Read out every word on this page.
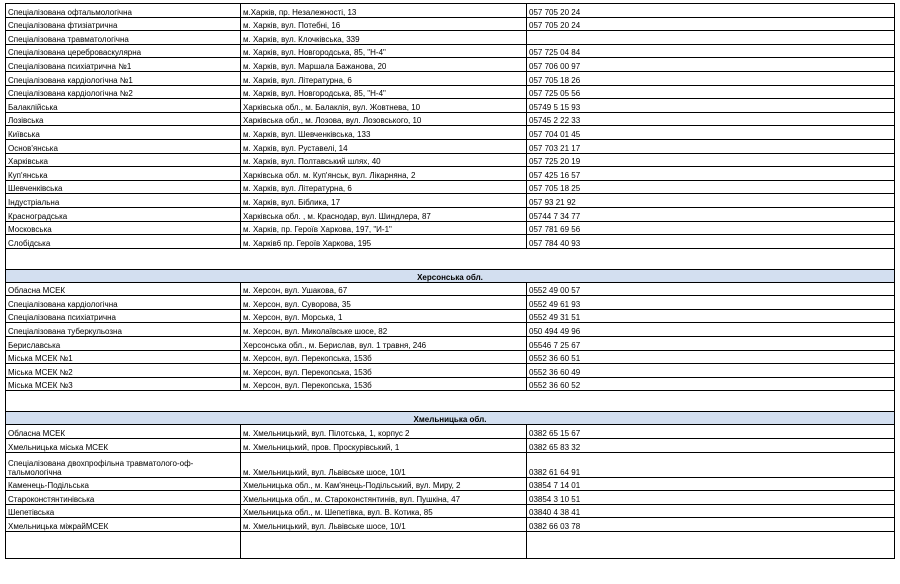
Спеціалізована офтальмологічна	м.Харків, пр. Незалежності, 13	057 705 20 24
Спеціалізована фтизіатрична	м. Харків, вул. Потебні, 16	057 705 20 24
Спеціалізована травматологічна	м. Харків, вул. Клочківська, 339	
Спеціалізована цереброваскулярна	м. Харків, вул. Новгородська, 85, "Н-4"	057 725 04 84
Спеціалізована психіатрична №1	м. Харків, вул. Маршала Бажанова, 20	057 706 00 97
Спеціалізована кардіологічна №1	м. Харків, вул. Літературна, 6	057 705 18 26
Спеціалізована кардіологічна №2	м. Харків, вул. Новгородська, 85, "Н-4"	057 725 05 56
Балаклійська	Харківська обл., м. Балаклія, вул. Жовтнева, 10	05749 5 15 93
Лозівська	Харківська обл., м. Лозова, вул. Лозовського, 10	05745 2 22 33
Київська	м. Харків, вул. Шевченківська, 133	057 704 01 45
Основ'янська	м. Харків, вул. Руставелі, 14	057 703 21 17
Харківська	м. Харків, вул. Полтавський шлях, 40	057 725 20 19
Куп'янська	Харківська обл. м. Куп'янськ, вул. Лікарняна, 2	057 425 16 57
Шевченківська	м. Харків, вул. Літературна, 6	057 705 18 25
Індустріальна	м. Харків, вул. Біблика, 17	057 93 21 92
Красноградська	Харківська обл. , м. Краснодар, вул. Шиндлера, 87	05744 7 34 77
Московська	м. Харків, пр. Героїв Харкова, 197, "И-1"	057 781 69 56
Слобідська	м. Харків6 пр. Героїв Харкова, 195	057 784 40 93

Херсонська обл.		
Обласна МСЕК	м. Херсон, вул. Ушакова, 67	0552 49 00 57
Спеціалізована кардіологічна	м. Херсон, вул. Суворова, 35	0552 49 61 93
Спеціалізована психіатрична	м. Херсон, вул. Морська, 1	0552 49 31 51
Спеціалізована туберкульозна	м. Херсон, вул. Миколаївське шосе, 82	050 494 49 96
Бериславська	Херсонська обл., м. Берислав, вул. 1 травня, 246	05546 7 25 67
Міська МСЕК №1	м. Херсон, вул. Перекопська, 153б	0552 36 60 51
Міська МСЕК №2	м. Херсон, вул. Перекопська, 153б	0552 36 60 49
Міська МСЕК №3	м. Херсон, вул. Перекопська, 153б	0552 36 60 52

Хмельницька обл.		
Обласна МСЕК	м. Хмельницький, вул. Пілотська, 1, корпус 2	0382 65 15 67
Хмельницька міська МСЕК	м. Хмельницький, пров. Проскурівський, 1	0382 65 83 32
Спеціалізована двохпрофільна травматолого-оф-тальмологічна	м. Хмельницький, вул. Львівське шосе, 10/1	0382 61 64 91
Каменець-Подільська	Хмельницька обл., м. Кам'янець-Подільський, вул. Миру, 2	03854 7 14 01
Староконстянтинівська	Хмельницька обл., м. Староконстянтинів, вул. Пушкіна, 47	03854 3 10 51
Шепетівська	Хмельницька обл., м. Шепетівка, вул. В. Котика, 85	03840 4 38 41
Хмельницька міжрайМСЕК	м. Хмельницький, вул. Львівське шосе, 10/1	0382 66 03 78
